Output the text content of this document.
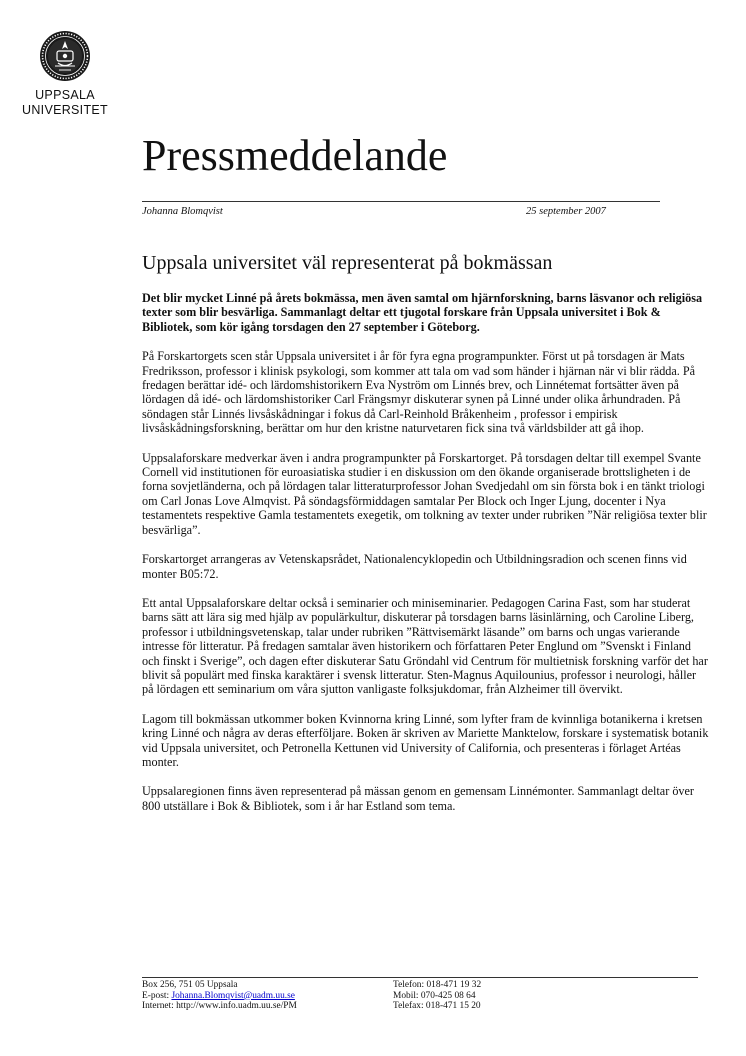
UPPSALA
UNIVERSITET
Pressmeddelande
Johanna Blomqvist	25 september 2007
Uppsala universitet väl representerat på bokmässan

Det blir mycket Linné på årets bokmässa, men även samtal om hjärnforskning, barns läsvanor och religiösa texter som blir besvärliga. Sammanlagt deltar ett tjugotal forskare från Uppsala universitet i Bok & Bibliotek, som kör igång torsdagen den 27 september i Göteborg.

På Forskartorgets scen står Uppsala universitet i år för fyra egna programpunkter. Först ut på torsdagen är Mats Fredriksson, professor i klinisk psykologi, som kommer att tala om vad som händer i hjärnan när vi blir rädda. På fredagen berättar idé- och lärdomshistorikern Eva Nyström om Linnés brev, och Linnétemat fortsätter även på lördagen då idé- och lärdomshistoriker Carl Frängsmyr diskuterar synen på Linné under olika århundraden. På söndagen står Linnés livsåskådningar i fokus då Carl-Reinhold Bråkenheim , professor i empirisk livsåskådningsforskning, berättar om hur den kristne naturvetaren fick sina två världsbilder att gå ihop.

Uppsalaforskare medverkar även i andra programpunkter på Forskartorget. På torsdagen deltar till exempel Svante Cornell vid institutionen för euroasiatiska studier i en diskussion om den ökande organiserade brottsligheten i de forna sovjetländerna, och på lördagen talar litteraturprofessor Johan Svedjedahl om sin första bok i en tänkt triologi om Carl Jonas Love Almqvist. På söndagsförmiddagen samtalar Per Block och Inger Ljung, docenter i Nya testamentets respektive Gamla testamentets exegetik, om tolkning av texter under rubriken ”När religiösa texter blir besvärliga”.

Forskartorget arrangeras av Vetenskapsrådet, Nationalencyklopedin och Utbildningsradion och scenen finns vid monter B05:72.

Ett antal Uppsalaforskare deltar också i seminarier och miniseminarier. Pedagogen Carina Fast, som har studerat barns sätt att lära sig med hjälp av populärkultur, diskuterar på torsdagen barns läsinlärning, och Caroline Liberg, professor i utbildningsvetenskap, talar under rubriken ”Rättvisemärkt läsande” om barns och ungas varierande intresse för litteratur. På fredagen samtalar även historikern och författaren Peter Englund om ”Svenskt i Finland och finskt i Sverige”, och dagen efter diskuterar Satu Gröndahl vid Centrum för multietnisk forskning varför det har blivit så populärt med finska karaktärer i svensk litteratur. Sten-Magnus Aquilounius, professor i neurologi, håller på lördagen ett seminarium om våra sjutton vanligaste folksjukdomar, från Alzheimer till övervikt.

Lagom till bokmässan utkommer boken Kvinnorna kring Linné, som lyfter fram de kvinnliga botanikerna i kretsen kring Linné och några av deras efterföljare. Boken är skriven av Mariette Manktelow, forskare i systematisk botanik vid Uppsala universitet, och Petronella Kettunen vid University of California, och presenteras i förlaget Artéas monter.

Uppsalaregionen finns även representerad på mässan genom en gemensam Linnémonter. Sammanlagt deltar över 800 utställare i Bok & Bibliotek, som i år har Estland som tema.

Box 256, 751 05 Uppsala
E-post: Johanna.Blomqvist@uadm.uu.se
Internet: http://www.info.uadm.uu.se/PM
Telefon: 018-471 19 32
Mobil: 070-425 08 64
Telefax: 018-471 15 20
